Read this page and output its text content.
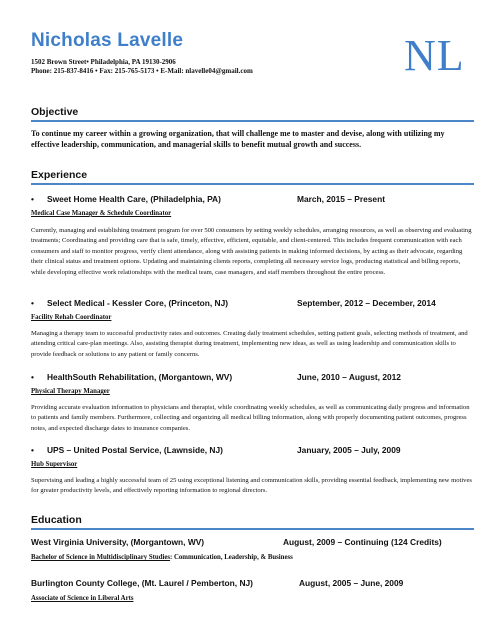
Nicholas Lavelle
1502 Brown Street• Philadelphia, PA 19130-2906
Phone: 215-837-8416 • Fax: 215-765-5173 • E-Mail: nlavelle04@gmail.com	NL
Objective
To continue my career within a growing organization, that will challenge me to master and devise, along with utilizing my effective leadership, communication, and managerial skills to benefit mutual growth and success.
Experience
• Sweet Home Health Care, (Philadelphia, PA)	March, 2015 – Present
Medical Case Manager & Schedule Coordinator
Currently, managing and establishing treatment program for over 500 consumers by setting weekly schedules, arranging resources, as well as observing and evaluating treatments; Coordinating and providing care that is safe, timely, effective, efficient, equitable, and client-centered. This includes frequent communication with each consumers and staff to monitor progress, verify client attendance, along with assisting patients in making informed decisions, by acting as their advocate, regarding their clinical status and treatment options. Updating and maintaining clients reports, completing all necessary service logs, producing statistical and billing reports, while developing effective work relationships with the medical team, case managers, and staff members throughout the entire process.
• Select Medical - Kessler Core, (Princeton, NJ)	September, 2012 – December, 2014
Facility Rehab Coordinator
Managing a therapy team to successful productivity rates and outcomes. Creating daily treatment schedules, setting patient goals, selecting methods of treatment, and attending critical care-plan meetings. Also, assisting therapist during treatment, implementing new ideas, as well as using leadership and communication skills to provide feedback or solutions to any patient or family concerns.
• HealthSouth Rehabilitation, (Morgantown, WV)	June, 2010 – August, 2012
Physical Therapy Manager
Providing accurate evaluation information to physicians and therapist, while coordinating weekly schedules, as well as communicating daily progress and information to patients and family members. Furthermore, collecting and organizing all medical billing information, along with properly documenting patient outcomes, progress notes, and expected discharge dates to insurance companies.
• UPS – United Postal Service, (Lawnside, NJ)	January, 2005 – July, 2009
Hub Supervisor
Supervising and leading a highly successful team of 25 using exceptional listening and communication skills, providing essential feedback, implementing new motives for greater productivity levels, and effectively reporting information to regional directors.
Education
West Virginia University, (Morgantown, WV)	August, 2009 – Continuing (124 Credits)
Bachelor of Science in Multidisciplinary Studies: Communication, Leadership, & Business
Burlington County College, (Mt. Laurel / Pemberton, NJ)	August, 2005 – June, 2009
Associate of Science in Liberal Arts
